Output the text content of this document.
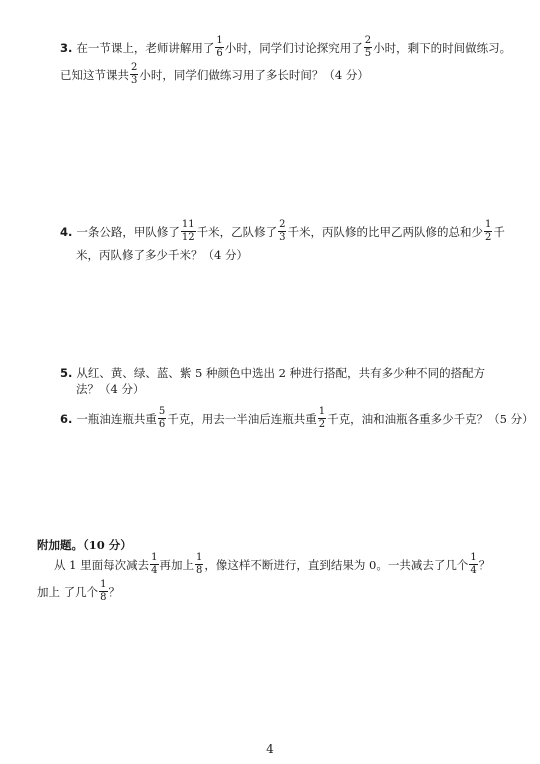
3. 在一节课上，老师讲解用了 $\frac{1}{6}$ 小时，同学们讨论探究用了 $\frac{2}{5}$ 小时，剩下的时间做练习。
已知这节课共 $\frac{2}{3}$ 小时，同学们做练习用了多长时间？（4 分）
4. 一条公路，甲队修了 $\frac{11}{12}$ 千米，乙队修了 $\frac{2}{3}$ 千米，丙队修的比甲乙两队修的总和少 $\frac{1}{2}$ 千
米，丙队修了多少千米？（4 分）
5. 从红、黄、绿、蓝、紫 5 种颜色中选出 2 种进行搭配，共有多少种不同的搭配方
法？（4 分）
6. 一瓶油连瓶共重 $\frac{5}{6}$ 千克，用去一半油后连瓶共重 $\frac{1}{2}$ 千克，油和油瓶各重多少千克？（5 分）
附加题。（10 分）
从 1 里面每次减去 $\frac{1}{4}$ 再加上 $\frac{1}{8}$ ，像这样不断进行，直到结果为 0。一共减去了几个 $\frac{1}{4}$ ？
加上 了几个 $\frac{1}{8}$ ？
4
